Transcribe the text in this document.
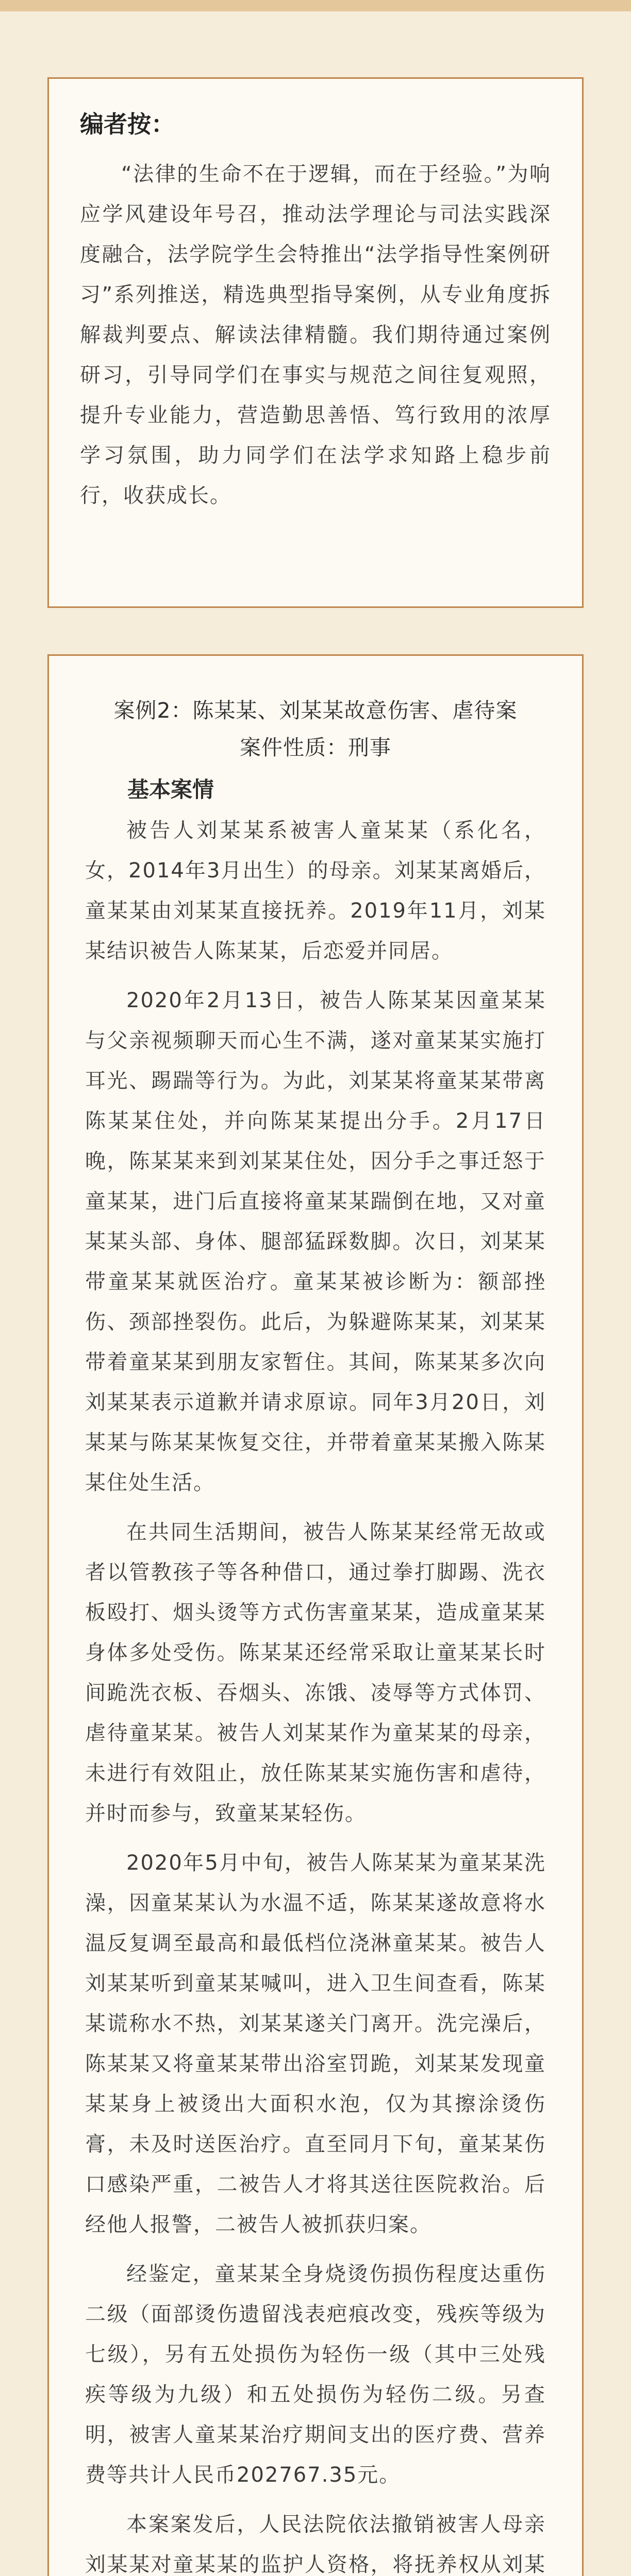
编者按：

“法律的生命不在于逻辑，而在于经验。”为响应学风建设年号召，推动法学理论与司法实践深度融合，法学院学生会特推出“法学指导性案例研习”系列推送，精选典型指导案例，从专业角度拆解裁判要点、解读法律精髓。我们期待通过案例研习，引导同学们在事实与规范之间往复观照，提升专业能力，营造勤思善悟、笃行致用的浓厚学习氛围，助力同学们在法学求知路上稳步前行，收获成长。

案例2：陈某某、刘某某故意伤害、虐待案

案件性质：刑事

基本案情

被告人刘某某系被害人童某某（系化名，女，2014年3月出生）的母亲。刘某某离婚后，童某某由刘某某直接抚养。2019年11月，刘某某结识被告人陈某某，后恋爱并同居。

2020年2月13日，被告人陈某某因童某某与父亲视频聊天而心生不满，遂对童某某实施打耳光、踢踹等行为。为此，刘某某将童某某带离陈某某住处，并向陈某某提出分手。2月17日晚，陈某某来到刘某某住处，因分手之事迁怒于童某某，进门后直接将童某某踹倒在地，又对童某某头部、身体、腿部猛踩数脚。次日，刘某某带童某某就医治疗。童某某被诊断为：额部挫伤、颈部挫裂伤。此后，为躲避陈某某，刘某某带着童某某到朋友家暂住。其间，陈某某多次向刘某某表示道歉并请求原谅。同年3月20日，刘某某与陈某某恢复交往，并带着童某某搬入陈某某住处生活。

在共同生活期间，被告人陈某某经常无故或者以管教孩子等各种借口，通过拳打脚踢、洗衣板殴打、烟头烫等方式伤害童某某，造成童某某身体多处受伤。陈某某还经常采取让童某某长时间跪洗衣板、吞烟头、冻饿、凌辱等方式体罚、虐待童某某。被告人刘某某作为童某某的母亲，未进行有效阻止，放任陈某某实施伤害和虐待，并时而参与，致童某某轻伤。

2020年5月中旬，被告人陈某某为童某某洗澡，因童某某认为水温不适，陈某某遂故意将水温反复调至最高和最低档位浇淋童某某。被告人刘某某听到童某某喊叫，进入卫生间查看，陈某某谎称水不热，刘某某遂关门离开。洗完澡后，陈某某又将童某某带出浴室罚跪，刘某某发现童某某身上被烫出大面积水泡，仅为其擦涂烫伤膏，未及时送医治疗。直至同月下旬，童某某伤口感染严重，二被告人才将其送往医院救治。后经他人报警，二被告人被抓获归案。

经鉴定，童某某全身烧烫伤损伤程度达重伤二级（面部烫伤遗留浅表疤痕改变，残疾等级为七级），另有五处损伤为轻伤一级（其中三处残疾等级为九级）和五处损伤为轻伤二级。另查明，被害人童某某治疗期间支出的医疗费、营养费等共计人民币202767.35元。

本案案发后，人民法院依法撤销被害人母亲刘某某对童某某的监护人资格，将抚养权从刘某
